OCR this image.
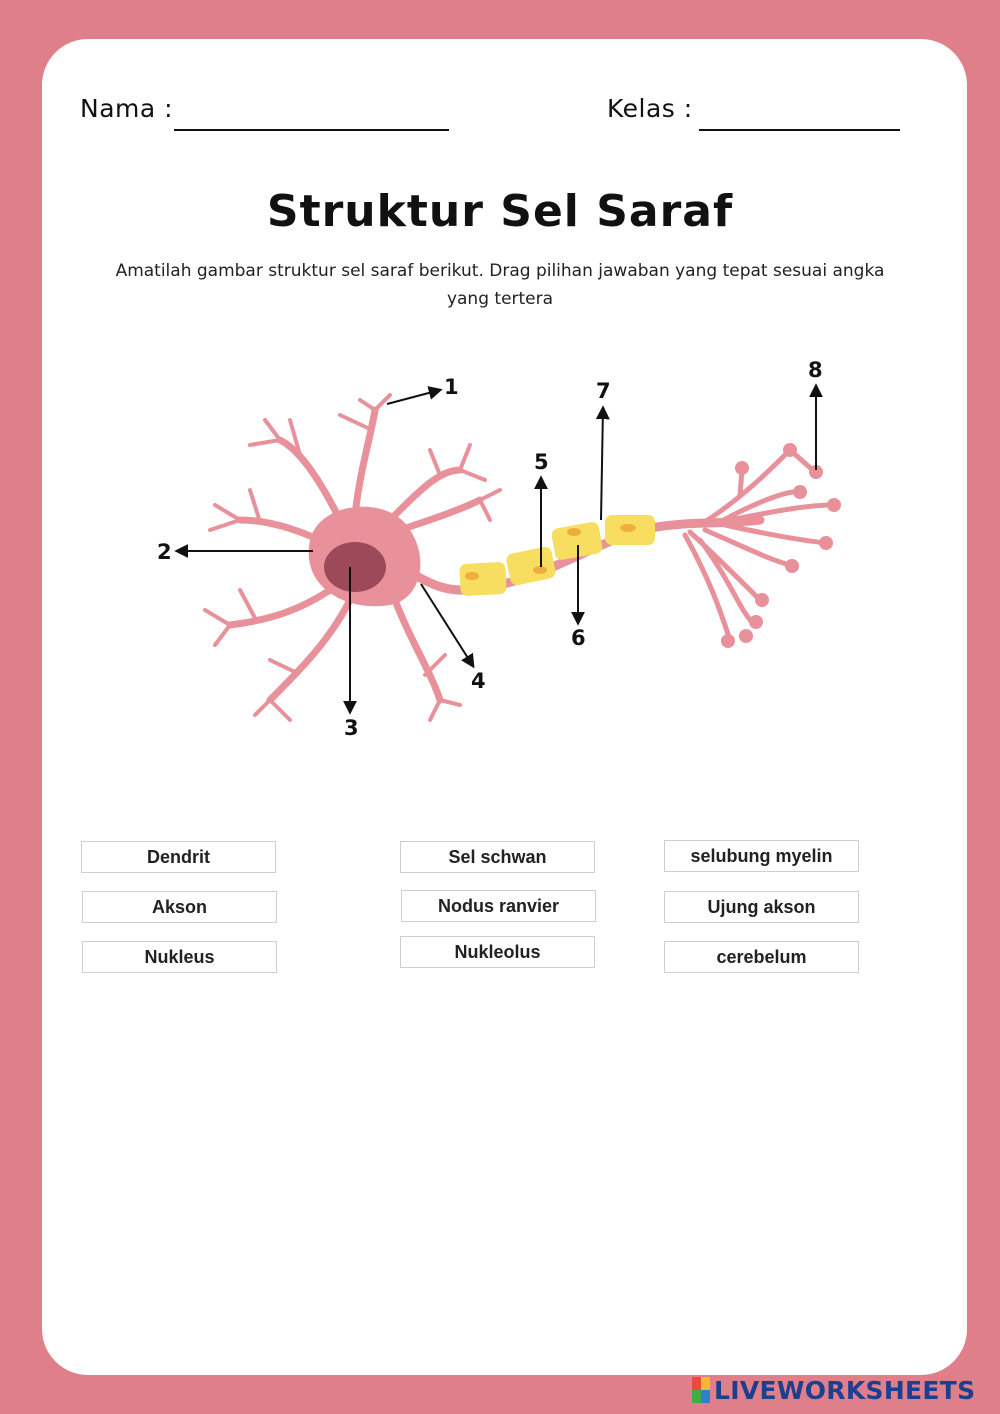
Nama :	Kelas :
Struktur Sel Saraf
Amatilah gambar struktur sel saraf berikut. Drag pilihan jawaban yang tepat sesuai angka yang tertera
1
2
3
4
5
6
7
8
Dendrit	Sel schwan	selubung myelin
Akson	Nodus ranvier	Ujung akson
Nukleus	Nukleolus	cerebelum
LIVEWORKSHEETS
